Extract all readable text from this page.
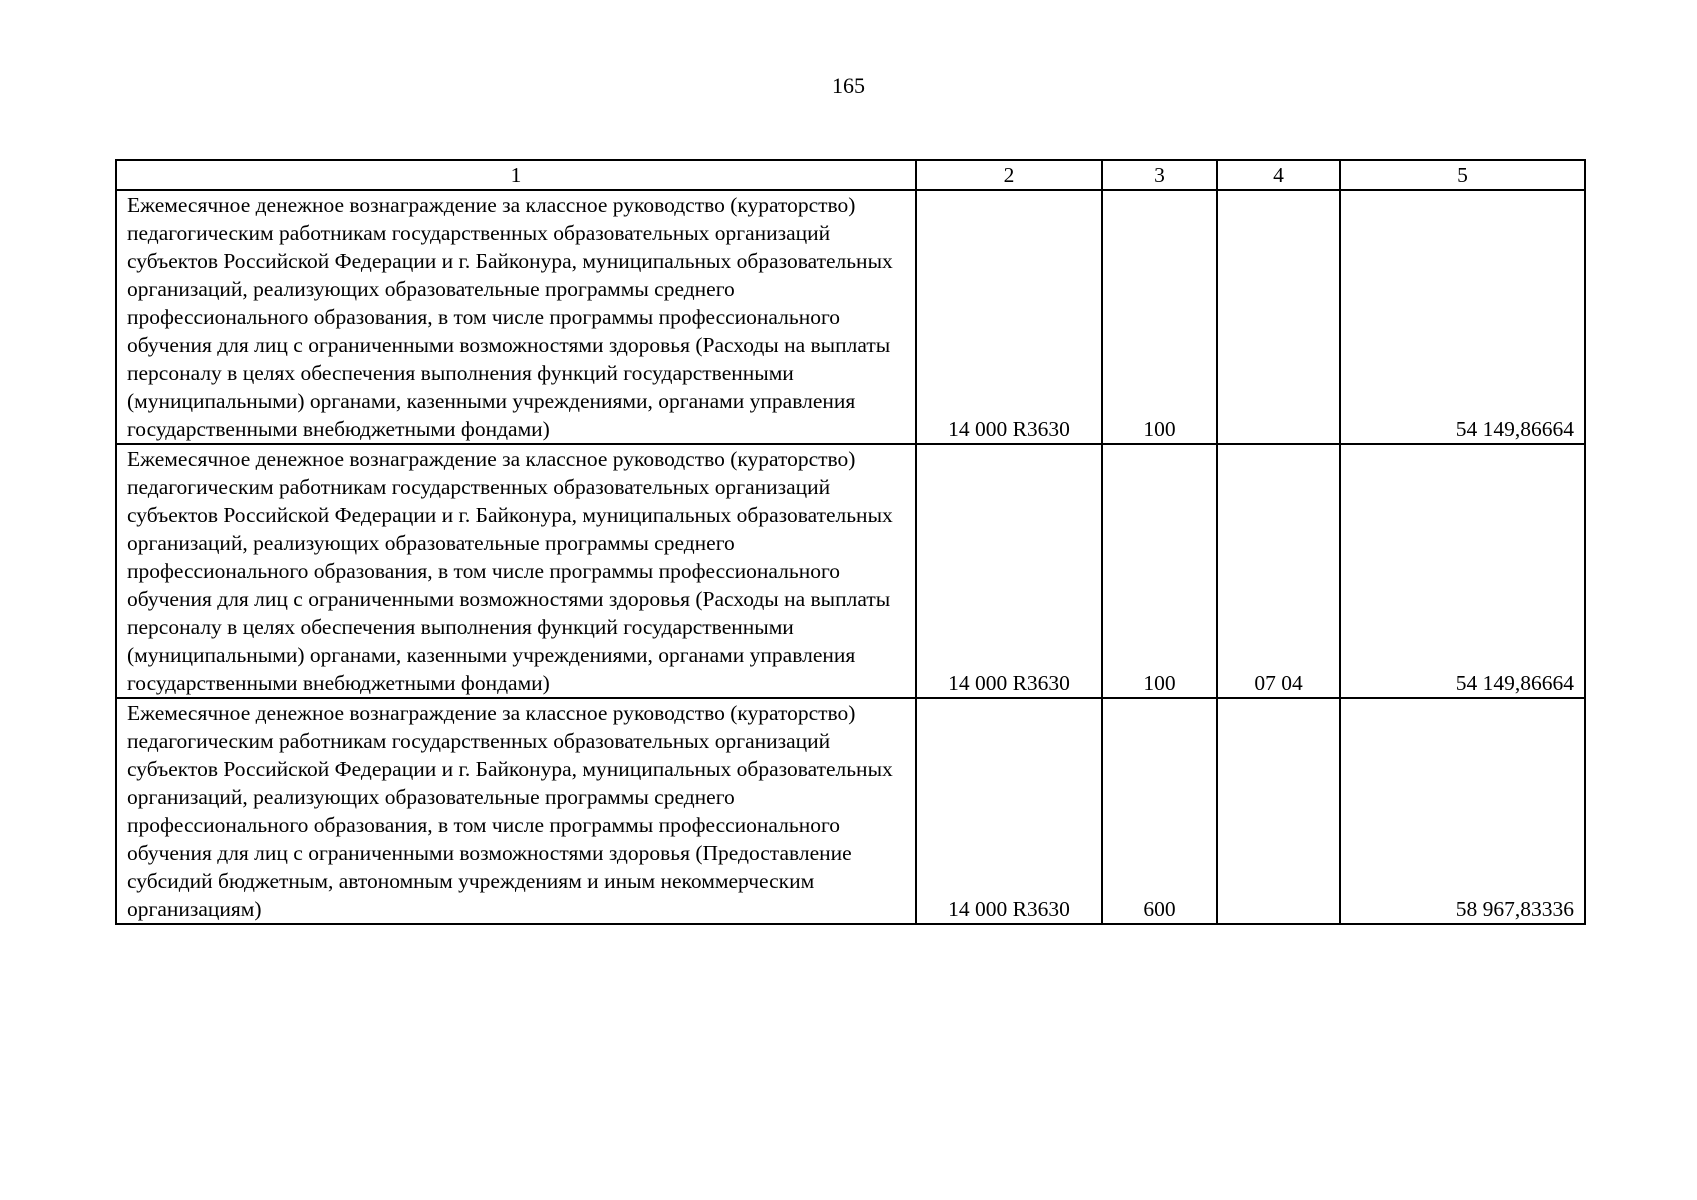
165
1	2	3	4	5
Ежемесячное денежное вознаграждение за классное руководство (кураторство) педагогическим работникам государственных образовательных организаций субъектов Российской Федерации и г. Байконура, муниципальных образовательных организаций, реализующих образовательные программы среднего профессионального образования, в том числе программы профессионального обучения для лиц с ограниченными возможностями здоровья (Расходы на выплаты персоналу в целях обеспечения выполнения функций государственными (муниципальными) органами, казенными учреждениями, органами управления государственными внебюджетными фондами)	14 000 R3630	100		54 149,86664
Ежемесячное денежное вознаграждение за классное руководство (кураторство) педагогическим работникам государственных образовательных организаций субъектов Российской Федерации и г. Байконура, муниципальных образовательных организаций, реализующих образовательные программы среднего профессионального образования, в том числе программы профессионального обучения для лиц с ограниченными возможностями здоровья (Расходы на выплаты персоналу в целях обеспечения выполнения функций государственными (муниципальными) органами, казенными учреждениями, органами управления государственными внебюджетными фондами)	14 000 R3630	100	07 04	54 149,86664
Ежемесячное денежное вознаграждение за классное руководство (кураторство) педагогическим работникам государственных образовательных организаций субъектов Российской Федерации и г. Байконура, муниципальных образовательных организаций, реализующих образовательные программы среднего профессионального образования, в том числе программы профессионального обучения для лиц с ограниченными возможностями здоровья (Предоставление субсидий бюджетным, автономным учреждениям и иным некоммерческим организациям)	14 000 R3630	600		58 967,83336
